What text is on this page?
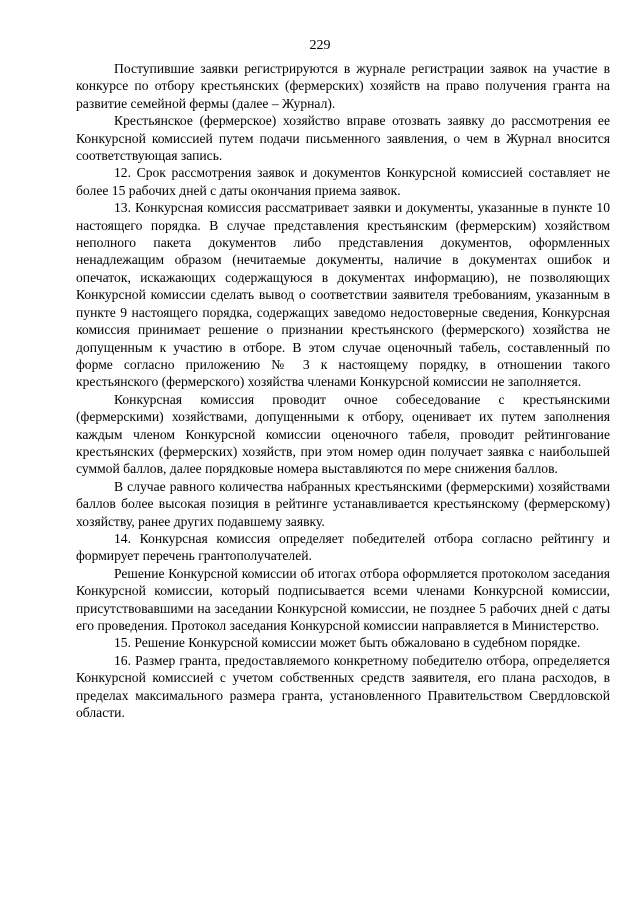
229

Поступившие заявки регистрируются в журнале регистрации заявок на участие в конкурсе по отбору крестьянских (фермерских) хозяйств на право получения гранта на развитие семейной фермы (далее – Журнал).

Крестьянское (фермерское) хозяйство вправе отозвать заявку до рассмотрения ее Конкурсной комиссией путем подачи письменного заявления, о чем в Журнал вносится соответствующая запись.

12. Срок рассмотрения заявок и документов Конкурсной комиссией составляет не более 15 рабочих дней с даты окончания приема заявок.

13. Конкурсная комиссия рассматривает заявки и документы, указанные в пункте 10 настоящего порядка. В случае представления крестьянским (фермерским) хозяйством неполного пакета документов либо представления документов, оформленных ненадлежащим образом (нечитаемые документы, наличие в документах ошибок и опечаток, искажающих содержащуюся в документах информацию), не позволяющих Конкурсной комиссии сделать вывод о соответствии заявителя требованиям, указанным в пункте 9 настоящего порядка, содержащих заведомо недостоверные сведения, Конкурсная комиссия принимает решение о признании крестьянского (фермерского) хозяйства не допущенным к участию в отборе. В этом случае оценочный табель, составленный по форме согласно приложению № 3 к настоящему порядку, в отношении такого крестьянского (фермерского) хозяйства членами Конкурсной комиссии не заполняется.

Конкурсная комиссия проводит очное собеседование с крестьянскими (фермерскими) хозяйствами, допущенными к отбору, оценивает их путем заполнения каждым членом Конкурсной комиссии оценочного табеля, проводит рейтингование крестьянских (фермерских) хозяйств, при этом номер один получает заявка с наибольшей суммой баллов, далее порядковые номера выставляются по мере снижения баллов.

В случае равного количества набранных крестьянскими (фермерскими) хозяйствами баллов более высокая позиция в рейтинге устанавливается крестьянскому (фермерскому) хозяйству, ранее других подавшему заявку.

14. Конкурсная комиссия определяет победителей отбора согласно рейтингу и формирует перечень грантополучателей.

Решение Конкурсной комиссии об итогах отбора оформляется протоколом заседания Конкурсной комиссии, который подписывается всеми членами Конкурсной комиссии, присутствовавшими на заседании Конкурсной комиссии, не позднее 5 рабочих дней с даты его проведения. Протокол заседания Конкурсной комиссии направляется в Министерство.

15. Решение Конкурсной комиссии может быть обжаловано в судебном порядке.

16. Размер гранта, предоставляемого конкретному победителю отбора, определяется Конкурсной комиссией с учетом собственных средств заявителя, его плана расходов, в пределах максимального размера гранта, установленного Правительством Свердловской области.
